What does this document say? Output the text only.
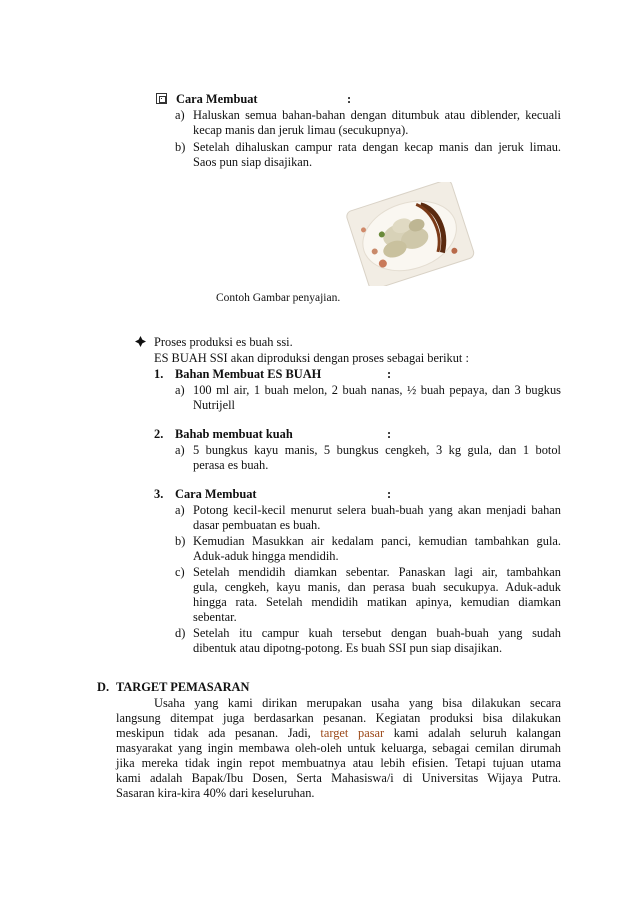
Cara Membuat	:
a) Haluskan semua bahan-bahan dengan ditumbuk atau diblender, kecuali
kecap manis dan jeruk limau (secukupnya).
b) Setelah dihaluskan campur rata dengan kecap manis dan jeruk limau.
Saos pun siap disajikan.
Contoh Gambar penyajian.
Proses produksi es buah ssi.
ES BUAH SSI akan diproduksi dengan proses sebagai berikut :
1. Bahan Membuat ES BUAH	:
a) 100 ml air, 1 buah melon, 2 buah nanas, ½ buah pepaya, dan 3 bugkus
Nutrijell
2. Bahab membuat kuah	:
a) 5 bungkus kayu manis, 5 bungkus cengkeh, 3 kg gula, dan 1 botol
perasa es buah.
3. Cara Membuat	:
a) Potong kecil-kecil menurut selera buah-buah yang akan menjadi bahan
dasar pembuatan es buah.
b) Kemudian Masukkan air kedalam panci, kemudian tambahkan gula.
Aduk-aduk hingga mendidih.
c) Setelah mendidih diamkan sebentar. Panaskan lagi air, tambahkan
gula, cengkeh, kayu manis, dan perasa buah secukupya. Aduk-aduk
hingga rata. Setelah mendidih matikan apinya, kemudian diamkan
sebentar.
d) Setelah itu campur kuah tersebut dengan buah-buah yang sudah
dibentuk atau dipotng-potong. Es buah SSI pun siap disajikan.
D. TARGET PEMASARAN
Usaha yang kami dirikan merupakan usaha yang bisa dilakukan secara
langsung ditempat juga berdasarkan pesanan. Kegiatan produksi bisa dilakukan
meskipun tidak ada pesanan. Jadi, target pasar kami adalah seluruh kalangan
masyarakat yang ingin membawa oleh-oleh untuk keluarga, sebagai cemilan dirumah
jika mereka tidak ingin repot membuatnya atau lebih efisien. Tetapi tujuan utama
kami adalah Bapak/Ibu Dosen, Serta Mahasiswa/i di Universitas Wijaya Putra.
Sasaran kira-kira 40% dari keseluruhan.
